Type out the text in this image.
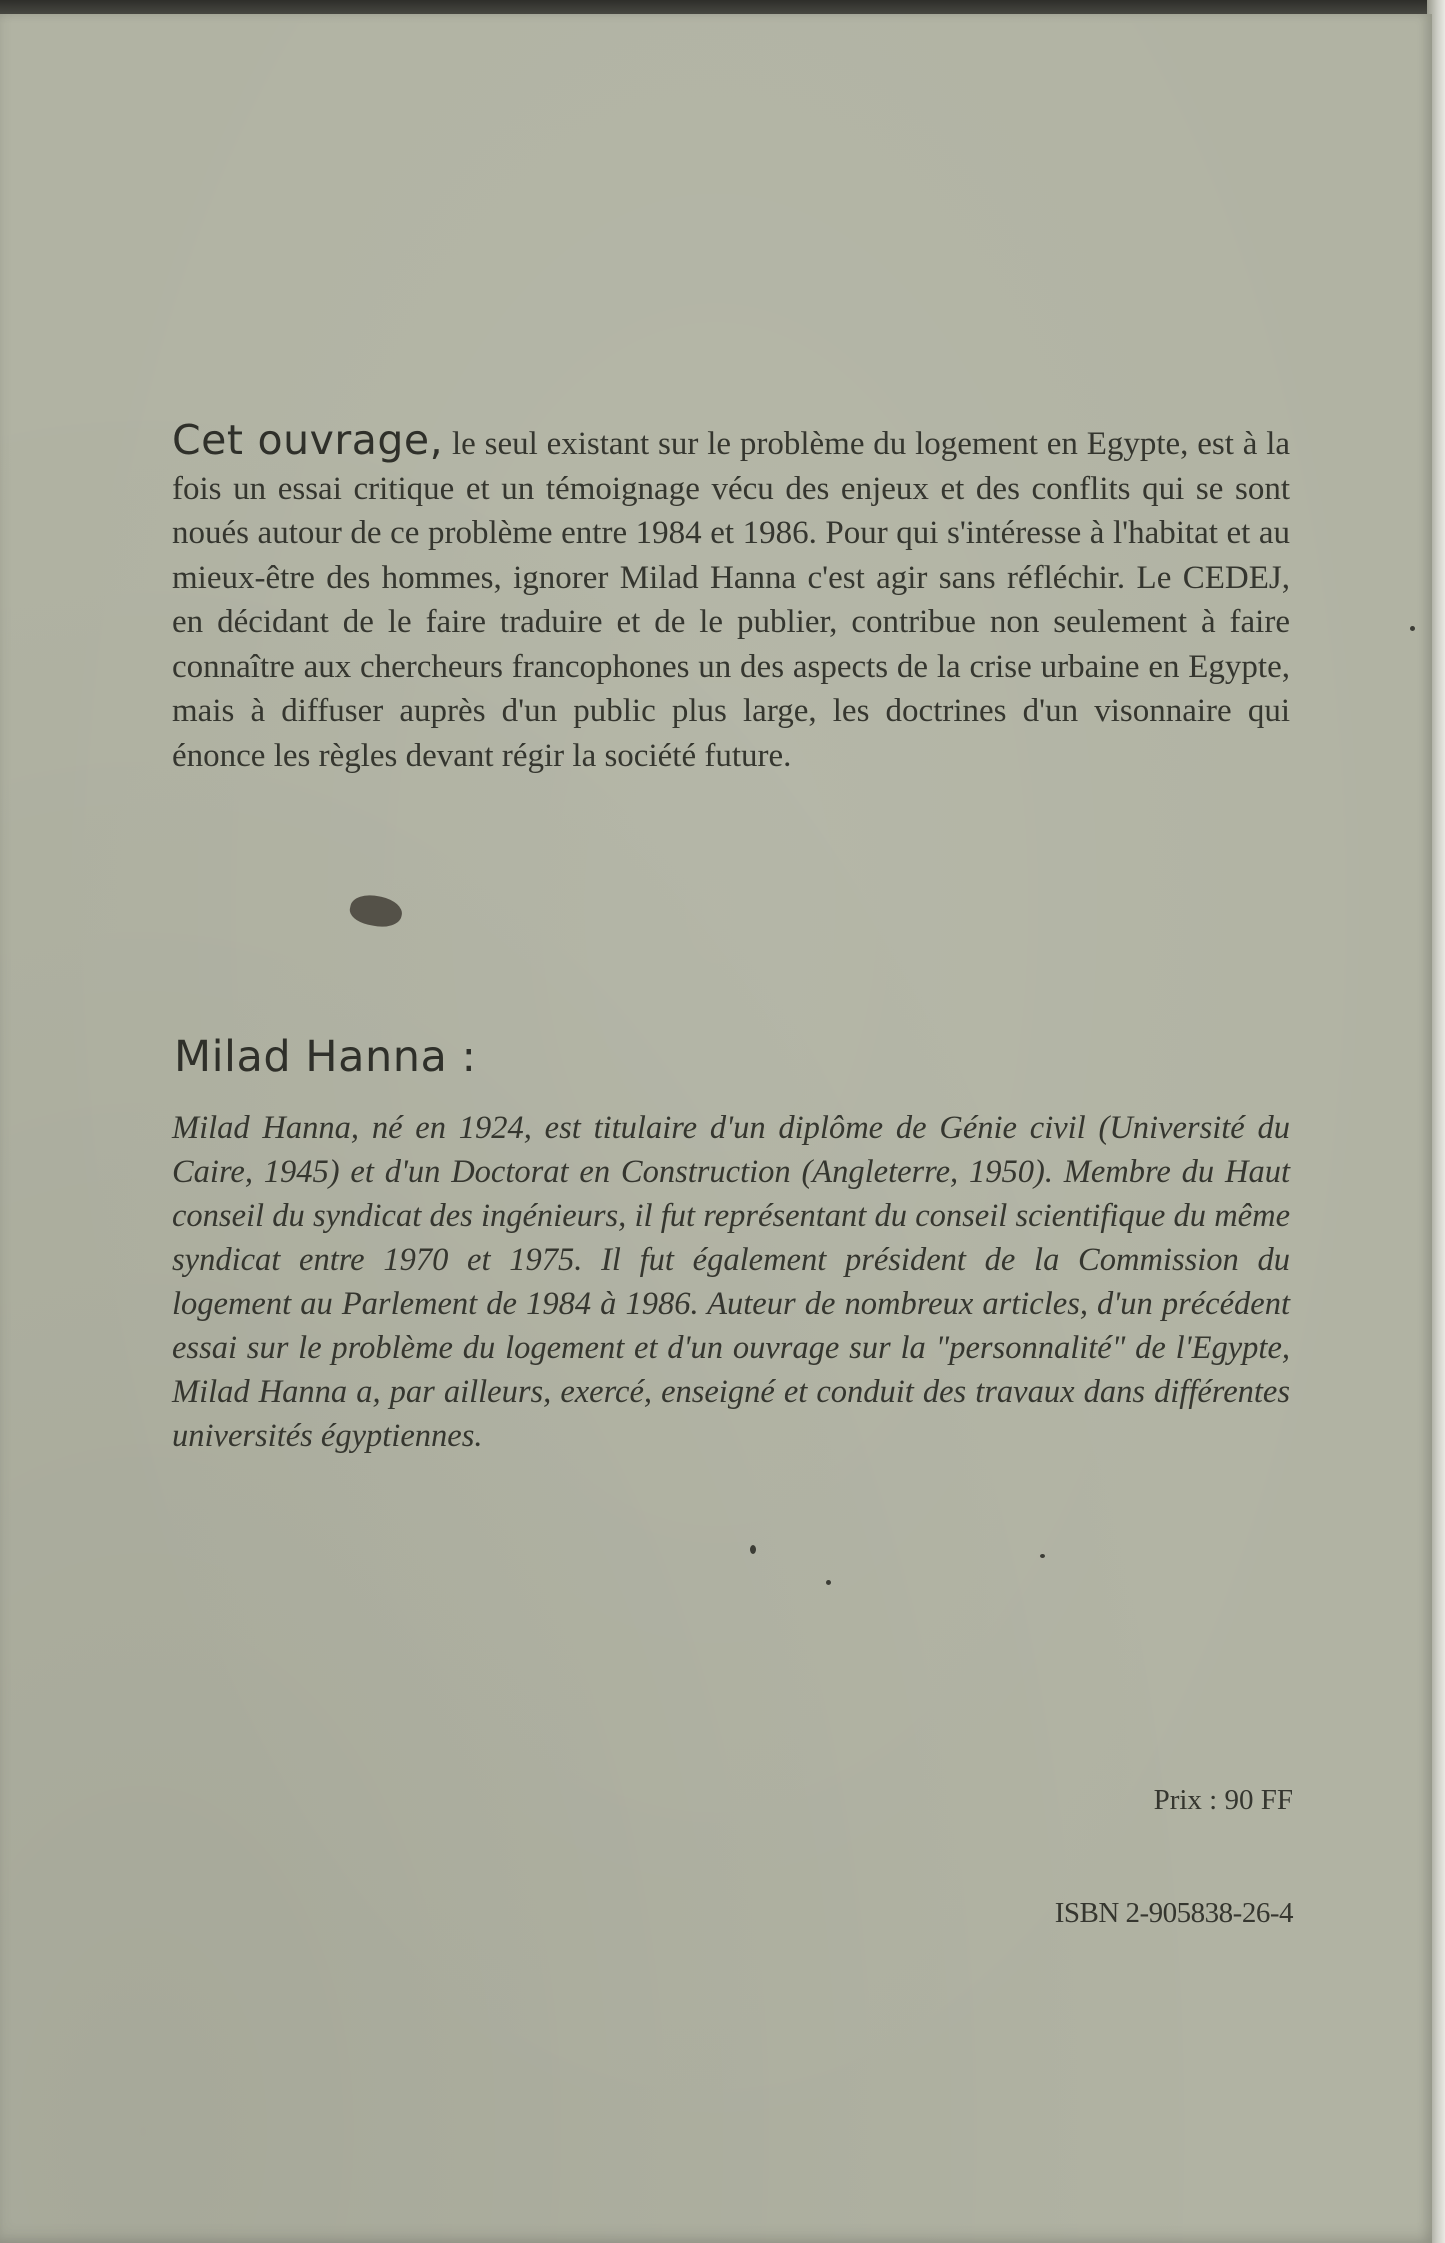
Cet ouvrage, le seul existant sur le problème du logement en Egypte, est à la fois un essai critique et un témoignage vécu des enjeux et des conflits qui se sont noués autour de ce problème entre 1984 et 1986. Pour qui s'intéresse à l'habitat et au mieux-être des hommes, ignorer Milad Hanna c'est agir sans réfléchir. Le CEDEJ, en décidant de le faire traduire et de le publier, contribue non seulement à faire connaître aux chercheurs francophones un des aspects de la crise urbaine en Egypte, mais à diffuser auprès d'un public plus large, les doctrines d'un visonnaire qui énonce les règles devant régir la société future.

Milad Hanna :

Milad Hanna, né en 1924, est titulaire d'un diplôme de Génie civil (Université du Caire, 1945) et d'un Doctorat en Construction (Angleterre, 1950). Membre du Haut conseil du syndicat des ingénieurs, il fut représentant du conseil scientifique du même syndicat entre 1970 et 1975. Il fut également président de la Commission du logement au Parlement de 1984 à 1986. Auteur de nombreux articles, d'un précédent essai sur le problème du logement et d'un ouvrage sur la "personnalité" de l'Egypte, Milad Hanna a, par ailleurs, exercé, enseigné et conduit des travaux dans différentes universités égyptiennes.

Prix : 90 FF
ISBN 2-905838-26-4
